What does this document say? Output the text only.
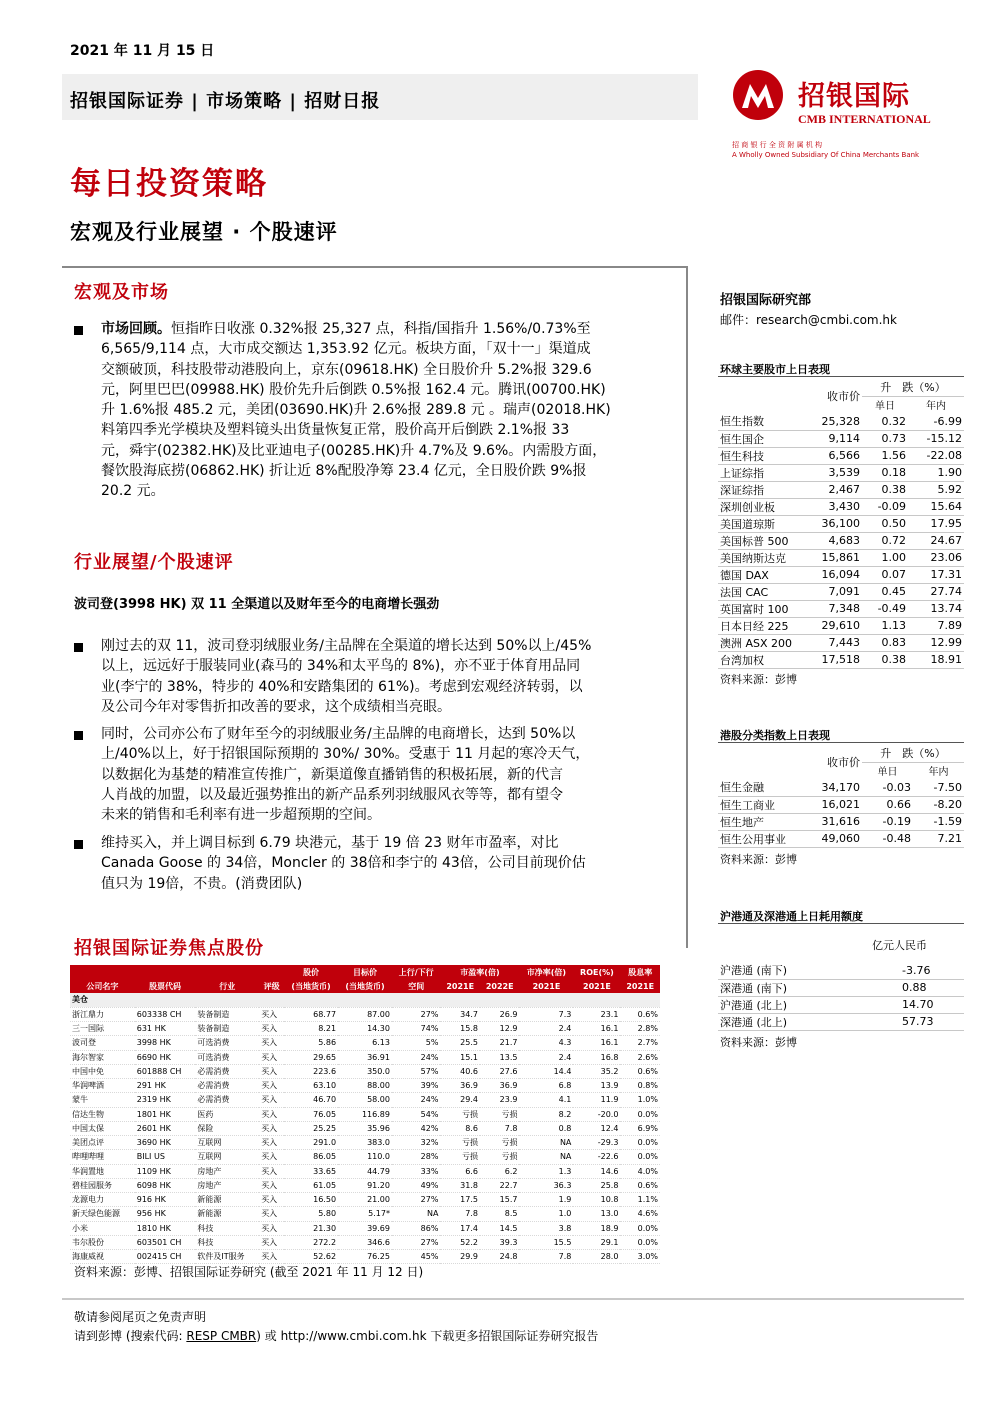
2021 年 11 月 15 日
招银国际证券 | 市场策略 | 招财日报	招银国际
CMB INTERNATIONAL
招 商 银 行 全 资 附 属 机 构
A Wholly Owned Subsidiary Of China Merchants Bank
每日投资策略
宏观及行业展望 · 个股速评
宏观及市场
市场回顾。恒指昨日收涨 0.32%报 25,327 点，科指/国指升 1.56%/0.73%至
6,565/9,114 点，大市成交额达 1,353.92 亿元。板块方面，「双十一」渠道成
交额破顶，科技股带动港股向上，京东(09618.HK) 全日股价升 5.2%报 329.6
元，阿里巴巴(09988.HK) 股价先升后倒跌 0.5%报 162.4 元。腾讯(00700.HK)
升 1.6%报 485.2 元，美团(03690.HK)升 2.6%报 289.8 元 。瑞声(02018.HK)
料第四季光学模块及塑料镜头出货量恢复正常，股价高开后倒跌 2.1%报 33
元，舜宇(02382.HK)及比亚迪电子(00285.HK)升 4.7%及 9.6%。内需股方面，
餐饮股海底捞(06862.HK) 折让近 8%配股净筹 23.4 亿元，全日股价跌 9%报
20.2 元。
行业展望/个股速评
波司登(3998 HK) 双 11 全渠道以及财年至今的电商增长强劲
刚过去的双 11，波司登羽绒服业务/主品牌在全渠道的增长达到 50%以上/45%
以上，远远好于服装同业(森马的 34%和太平鸟的 8%)，亦不亚于体育用品同
业(李宁的 38%，特步的 40%和安踏集团的 61%)。考虑到宏观经济转弱，以
及公司今年对零售折扣改善的要求，这个成绩相当亮眼。
同时，公司亦公布了财年至今的羽绒服业务/主品牌的电商增长，达到 50%以
上/40%以上，好于招银国际预期的 30%/ 30%。受惠于 11 月起的寒冷天气，
以数据化为基楚的精准宣传推广，新渠道像直播销售的积极拓展，新的代言
人肖战的加盟，以及最近强势推出的新产品系列羽绒服风衣等等，都有望令
未来的销售和毛利率有进一步超预期的空间。
维持买入，并上调目标到 6.79 块港元，基于 19 倍 23 财年市盈率，对比
Canada Goose 的 34倍，Moncler 的 38倍和李宁的 43倍，公司目前现价估
值只为 19倍，不贵。(消费团队)
招银国际证券焦点股份
				股价	目标价	上行/下行	市盈率(倍)		市净率(倍)	ROE(%)	股息率
公司名字	股票代码	行业	评级	(当地货币)	(当地货币)	空间	2021E	2022E	2021E	2021E	2021E
美仓											
浙江鼎力	603338 CH	装备制造	买入	68.77	87.00	27%	34.7	26.9	7.3	23.1	0.6%
三一国际	631 HK	装备制造	买入	8.21	14.30	74%	15.8	12.9	2.4	16.1	2.8%
波司登	3998 HK	可选消费	买入	5.86	6.13	5%	25.5	21.7	4.3	16.1	2.7%
海尔智家	6690 HK	可选消费	买入	29.65	36.91	24%	15.1	13.5	2.4	16.8	2.6%
中国中免	601888 CH	必需消费	买入	223.6	350.0	57%	40.6	27.6	14.4	35.2	0.6%
华润啤酒	291 HK	必需消费	买入	63.10	88.00	39%	36.9	36.9	6.8	13.9	0.8%
蒙牛	2319 HK	必需消费	买入	46.70	58.00	24%	29.4	23.9	4.1	11.9	1.0%
信达生物	1801 HK	医药	买入	76.05	116.89	54%	亏损	亏损	8.2	-20.0	0.0%
中国太保	2601 HK	保险	买入	25.25	35.96	42%	8.6	7.8	0.8	12.4	6.9%
美团点评	3690 HK	互联网	买入	291.0	383.0	32%	亏损	亏损	NA	-29.3	0.0%
哔哩哔哩	BILI US	互联网	买入	86.05	110.0	28%	亏损	亏损	NA	-22.6	0.0%
华润置地	1109 HK	房地产	买入	33.65	44.79	33%	6.6	6.2	1.3	14.6	4.0%
碧桂园服务	6098 HK	房地产	买入	61.05	91.20	49%	31.8	22.7	36.3	25.8	0.6%
龙源电力	916 HK	新能源	买入	16.50	21.00	27%	17.5	15.7	1.9	10.8	1.1%
新天绿色能源	956 HK	新能源	买入	5.80	5.17*	NA	7.8	8.5	1.0	13.0	4.6%
小米	1810 HK	科技	买入	21.30	39.69	86%	17.4	14.5	3.8	18.9	0.0%
韦尔股份	603501 CH	科技	买入	272.2	346.6	27%	52.2	39.3	15.5	29.1	0.0%
海康威视	002415 CH	软件及IT服务	买入	52.62	76.25	45%	29.9	24.8	7.8	28.0	3.0%
资料来源：彭博、招银国际证券研究 (截至 2021 年 11 月 12 日)
招银国际研究部
邮件：research@cmbi.com.hk
环球主要股市上日表现
	收市价	升　跌（%）	
		单日	年内
恒生指数	25,328	0.32	-6.99
恒生国企	9,114	0.73	-15.12
恒生科技	6,566	1.56	-22.08
上证综指	3,539	0.18	1.90
深证综指	2,467	0.38	5.92
深圳创业板	3,430	-0.09	15.64
美国道琼斯	36,100	0.50	17.95
美国标普 500	4,683	0.72	24.67
美国纳斯达克	15,861	1.00	23.06
德国 DAX	16,094	0.07	17.31
法国 CAC	7,091	0.45	27.74
英国富时 100	7,348	-0.49	13.74
日本日经 225	29,610	1.13	7.89
澳洲 ASX 200	7,443	0.83	12.99
台湾加权	17,518	0.38	18.91
资料来源：彭博
港股分类指数上日表现
	收市价	升　跌（%）	
		单日	年内
恒生金融	34,170	-0.03	-7.50
恒生工商业	16,021	0.66	-8.20
恒生地产	31,616	-0.19	-1.59
恒生公用事业	49,060	-0.48	7.21
资料来源：彭博
沪港通及深港通上日耗用额度
亿元人民币
沪港通 (南下)	-3.76
深港通 (南下)	0.88
沪港通 (北上)	14.70
深港通 (北上)	57.73
资料来源：彭博
敬请参阅尾页之免责声明
请到彭博 (搜索代码: RESP CMBR) 或 http://www.cmbi.com.hk 下载更多招银国际证券研究报告
